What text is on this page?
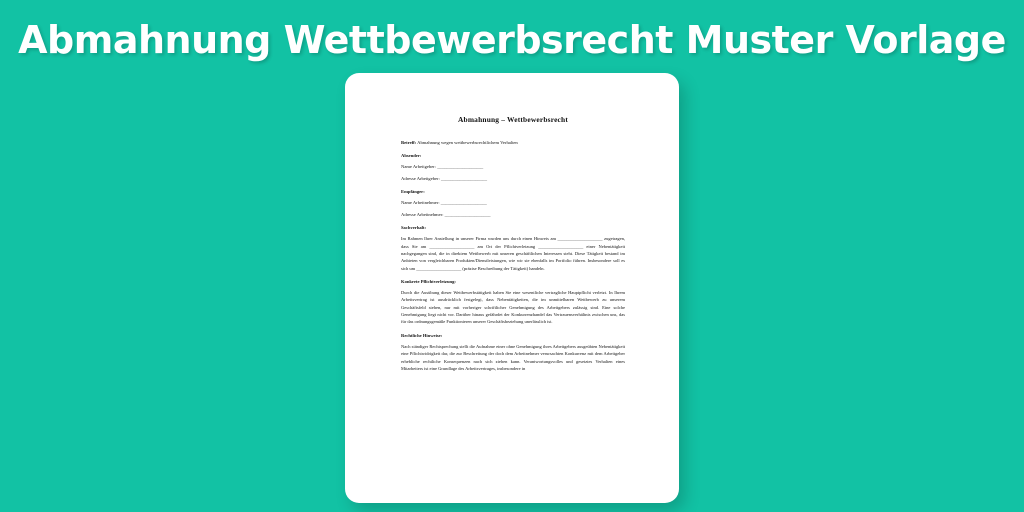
Abmahnung Wettbewerbsrecht Muster Vorlage
Abmahnung – Wettbewerbsrecht
Betreff: Abmahnung wegen wettbewerbsrechtlichem Verhalten
Absender:
Name Arbeitgeber: ____________________
Adresse Arbeitgeber: ____________________
Empfänger:
Name Arbeitnehmer: ____________________
Adresse Arbeitnehmer: ____________________
Sachverhalt:
Im Rahmen Ihrer Anstellung in unserer Firma wurden uns durch einen Hinweis am ____________________ zugetragen, dass Sie am ____________________ am Ort der Pflichtverletzung ____________________ einer Nebentätigkeit nachgegangen sind, die in direktem Wettbewerb mit unseren geschäftlichen Interessen steht. Diese Tätigkeit bestand im Anbieten von vergleichbaren Produkten/Dienstleistungen, wie wir sie ebenfalls im Portfolio führen. Insbesondere soll es sich um ____________________ (präzise Beschreibung der Tätigkeit) handeln.
Konkrete Pflichtverletzung:
Durch die Ausübung dieser Wettbewerbstätigkeit haben Sie eine wesentliche vertragliche Hauptpflicht verletzt. In Ihrem Arbeitsvertrag ist ausdrücklich festgelegt, dass Nebentätigkeiten, die im unmittelbaren Wettbewerb zu unserem Geschäftsfeld stehen, nur mit vorheriger schriftlicher Genehmigung des Arbeitgebers zulässig sind. Eine solche Genehmigung liegt nicht vor. Darüber hinaus gefährdet der Konkurrenzhandel das Vertrauensverhältnis zwischen uns, das für das ordnungsgemäße Funktionieren unserer Geschäftsbeziehung unerlässlich ist.
Rechtliche Hinweise:
Nach ständiger Rechtsprechung stellt die Aufnahme einer ohne Genehmigung ihres Arbeitgebers ausgeübten Nebentätigkeit eine Pflichtwidrigkeit dar, die zur Beschreitung der doch dem Arbeitnehmer verursachten Konkurrenz mit dem Arbeitgeber erhebliche rechtliche Konsequenzen nach sich ziehen kann. Verantwortungsvolles und gesetztes Verhalten eines Mitarbeiters ist eine Grundlage des Arbeitsvertrages, insbesondere in
